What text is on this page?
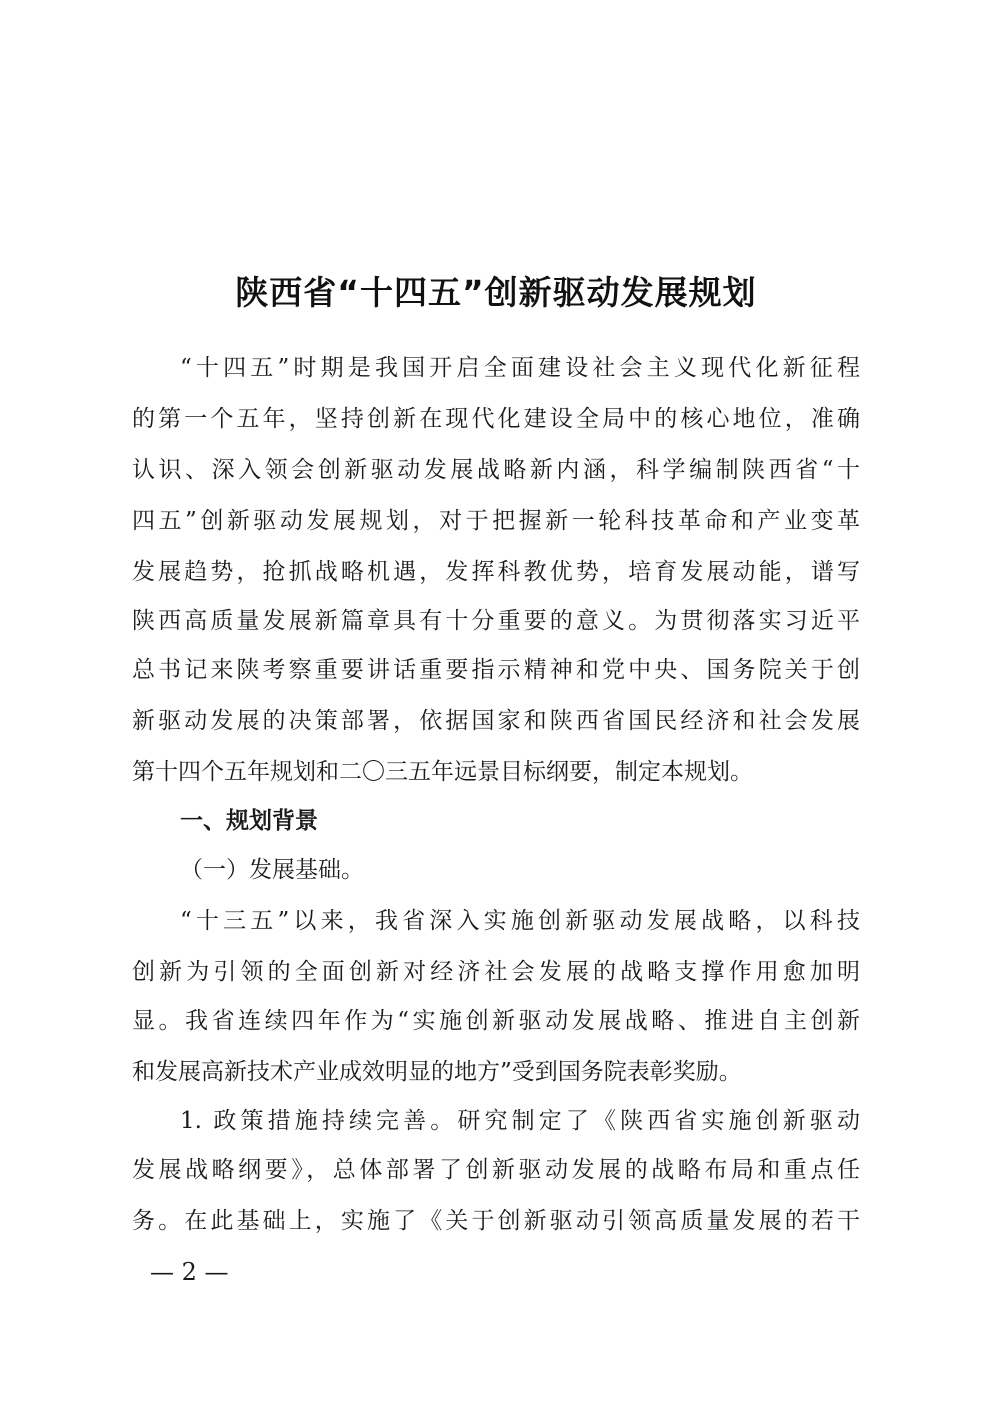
陕西省“十四五”创新驱动发展规划
“十四五”时期是我国开启全面建设社会主义现代化新征程
的第一个五年，坚持创新在现代化建设全局中的核心地位，准确
认识、深入领会创新驱动发展战略新内涵，科学编制陕西省“十
四五”创新驱动发展规划，对于把握新一轮科技革命和产业变革
发展趋势，抢抓战略机遇，发挥科教优势，培育发展动能，谱写
陕西高质量发展新篇章具有十分重要的意义。为贯彻落实习近平
总书记来陕考察重要讲话重要指示精神和党中央、国务院关于创
新驱动发展的决策部署，依据国家和陕西省国民经济和社会发展
第十四个五年规划和二〇三五年远景目标纲要，制定本规划。
一、规划背景
（一）发展基础。
“十三五”以来，我省深入实施创新驱动发展战略，以科技
创新为引领的全面创新对经济社会发展的战略支撑作用愈加明
显。我省连续四年作为“实施创新驱动发展战略、推进自主创新
和发展高新技术产业成效明显的地方”受到国务院表彰奖励。
1. 政策措施持续完善。研究制定了《陕西省实施创新驱动
发展战略纲要》，总体部署了创新驱动发展的战略布局和重点任
务。在此基础上，实施了《关于创新驱动引领高质量发展的若干
— 2 —
